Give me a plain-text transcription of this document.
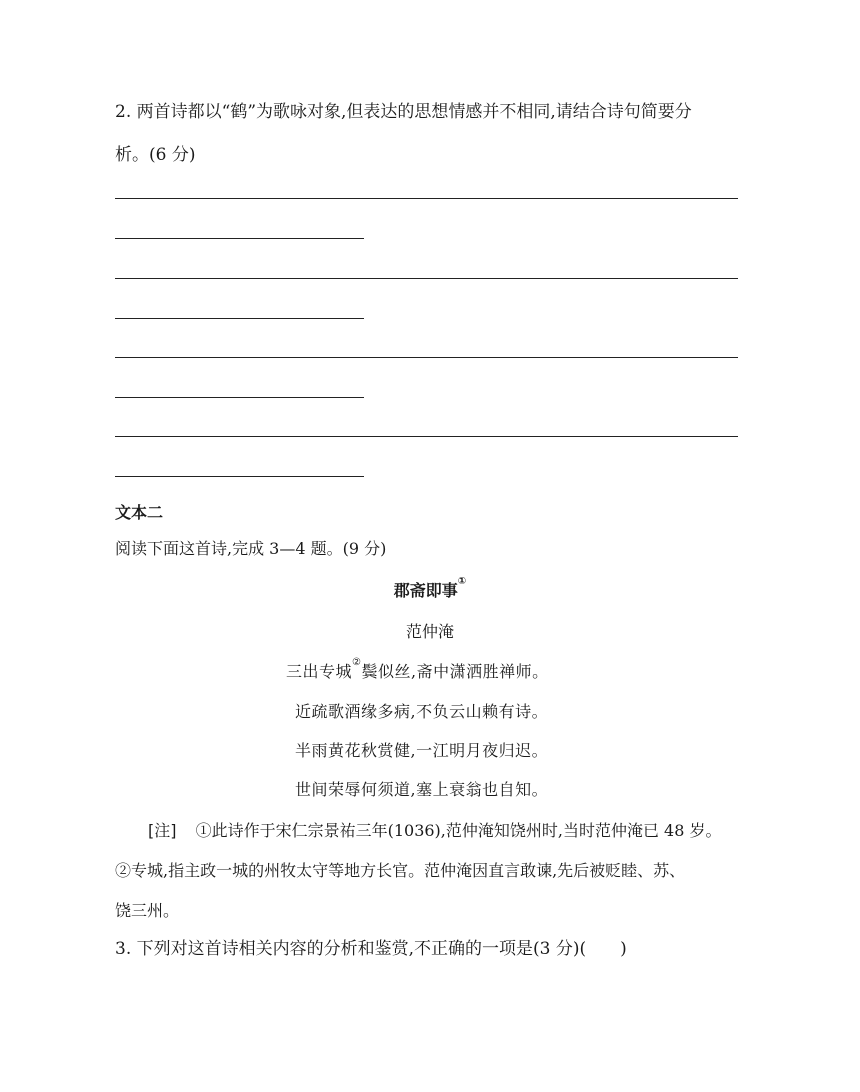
2. 两首诗都以“鹤”为歌咏对象,但表达的思想情感并不相同,请结合诗句简要分
析。(6 分)
文本二
阅读下面这首诗,完成 3—4 题。(9 分)
郡斋即事①
范仲淹
三出专城②鬓似丝,斋中潇洒胜禅师。
近疏歌酒缘多病,不负云山赖有诗。
半雨黄花秋赏健,一江明月夜归迟。
世间荣辱何须道,塞上衰翁也自知。
[注] ①此诗作于宋仁宗景祐三年(1036),范仲淹知饶州时,当时范仲淹已 48 岁。
②专城,指主政一城的州牧太守等地方长官。范仲淹因直言敢谏,先后被贬睦、苏、
饶三州。
3. 下列对这首诗相关内容的分析和鉴赏,不正确的一项是(3 分)( )
